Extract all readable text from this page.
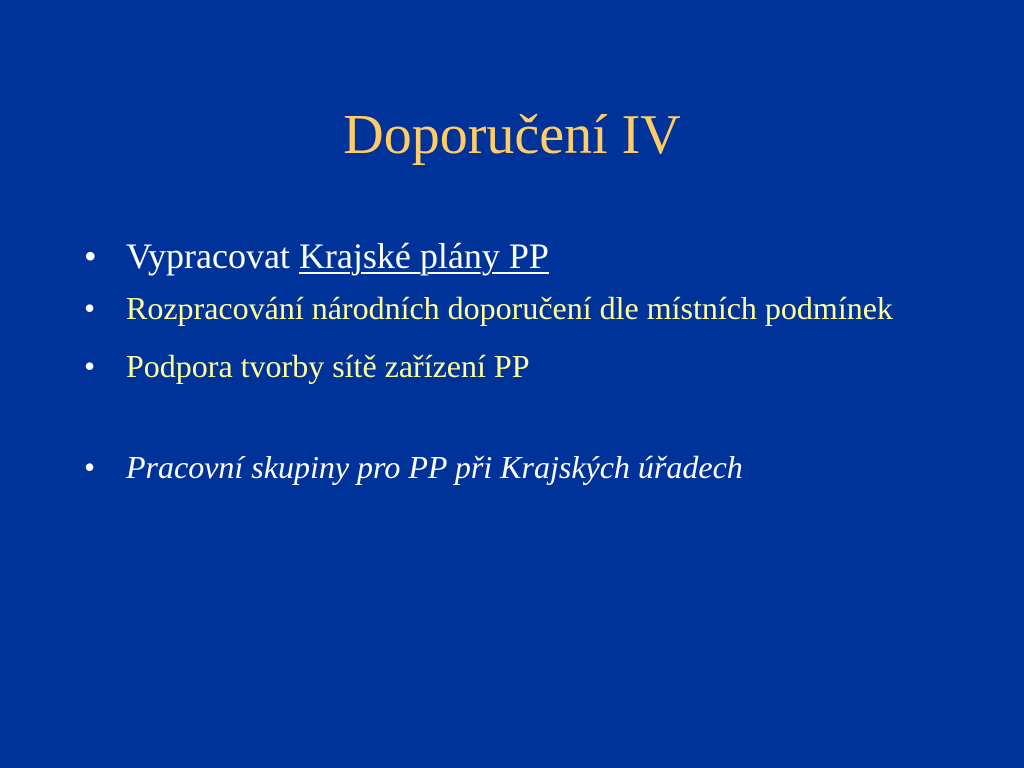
Doporučení IV
• Vypracovat Krajské plány PP
• Rozpracování národních doporučení dle místních podmínek
• Podpora tvorby sítě zařízení PP
• Pracovní skupiny pro PP při Krajských úřadech
